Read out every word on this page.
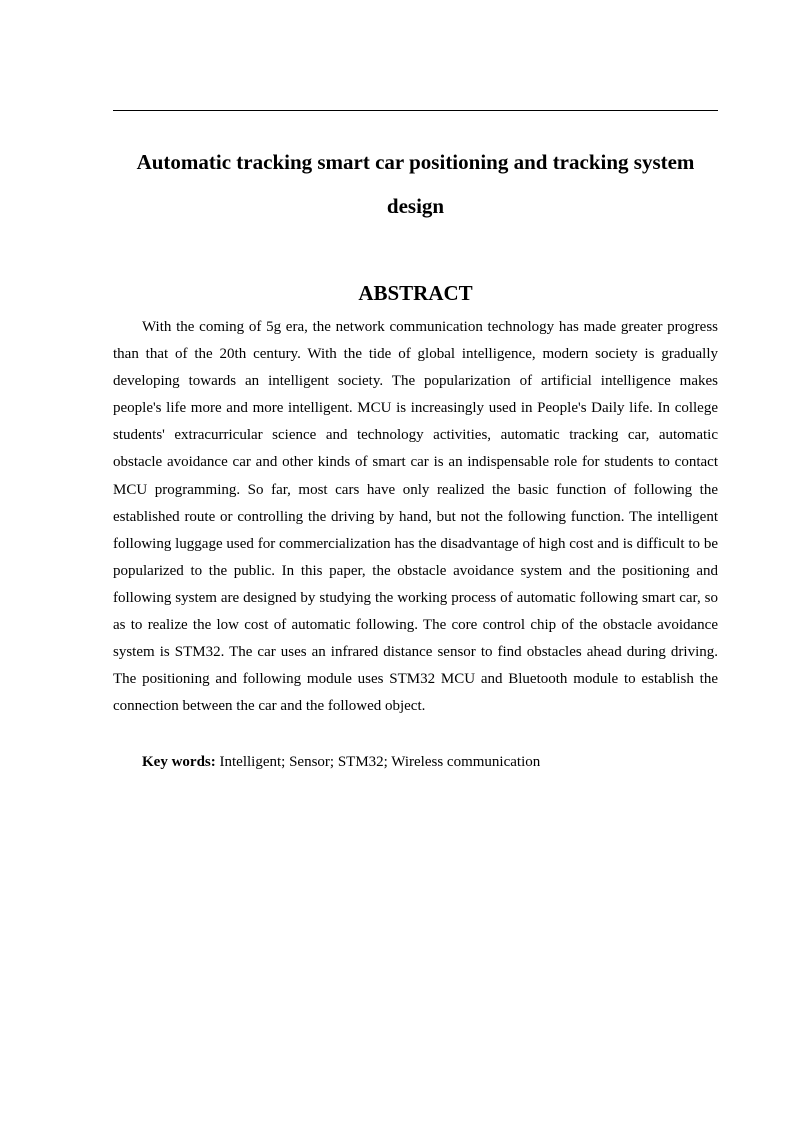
Automatic tracking smart car positioning and tracking system design
ABSTRACT

With the coming of 5g era, the network communication technology has made greater progress than that of the 20th century. With the tide of global intelligence, modern society is gradually developing towards an intelligent society. The popularization of artificial intelligence makes people's life more and more intelligent. MCU is increasingly used in People's Daily life. In college students' extracurricular science and technology activities, automatic tracking car, automatic obstacle avoidance car and other kinds of smart car is an indispensable role for students to contact MCU programming. So far, most cars have only realized the basic function of following the established route or controlling the driving by hand, but not the following function. The intelligent following luggage used for commercialization has the disadvantage of high cost and is difficult to be popularized to the public. In this paper, the obstacle avoidance system and the positioning and following system are designed by studying the working process of automatic following smart car, so as to realize the low cost of automatic following. The core control chip of the obstacle avoidance system is STM32. The car uses an infrared distance sensor to find obstacles ahead during driving. The positioning and following module uses STM32 MCU and Bluetooth module to establish the connection between the car and the followed object.

Key words: Intelligent; Sensor; STM32; Wireless communication
